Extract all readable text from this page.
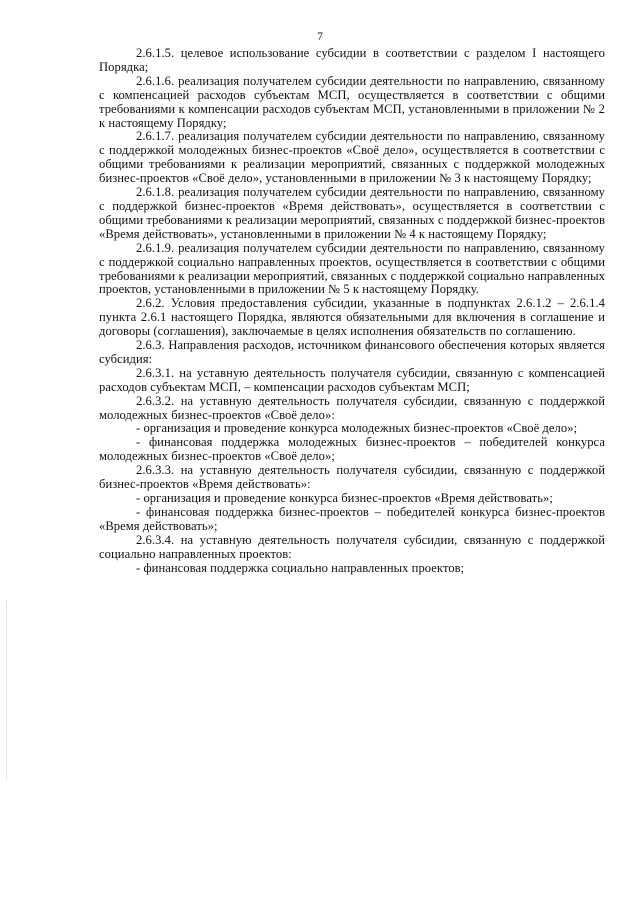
7

2.6.1.5. целевое использование субсидии в соответствии с разделом I настоящего Порядка;

2.6.1.6. реализация получателем субсидии деятельности по направлению, связанному с компенсацией расходов субъектам МСП, осуществляется в соответствии с общими требованиями к компенсации расходов субъектам МСП, установленными в приложении № 2 к настоящему Порядку;

2.6.1.7. реализация получателем субсидии деятельности по направлению, связанному с поддержкой молодежных бизнес-проектов «Своё дело», осуществляется в соответствии с общими требованиями к реализации мероприятий, связанных с поддержкой молодежных бизнес-проектов «Своё дело», установленными в приложении № 3 к настоящему Порядку;

2.6.1.8. реализация получателем субсидии деятельности по направлению, связанному с поддержкой бизнес-проектов «Время действовать», осуществляется в соответствии с общими требованиями к реализации мероприятий, связанных с поддержкой бизнес-проектов «Время действовать», установленными в приложении № 4 к настоящему Порядку;

2.6.1.9. реализация получателем субсидии деятельности по направлению, связанному с поддержкой социально направленных проектов, осуществляется в соответствии с общими требованиями к реализации мероприятий, связанных с поддержкой социально направленных проектов, установленными в приложении № 5 к настоящему Порядку.

2.6.2. Условия предоставления субсидии, указанные в подпунктах 2.6.1.2 – 2.6.1.4 пункта 2.6.1 настоящего Порядка, являются обязательными для включения в соглашение и договоры (соглашения), заключаемые в целях исполнения обязательств по соглашению.

2.6.3. Направления расходов, источником финансового обеспечения которых является субсидия:

2.6.3.1. на уставную деятельность получателя субсидии, связанную с компенсацией расходов субъектам МСП, – компенсации расходов субъектам МСП;

2.6.3.2. на уставную деятельность получателя субсидии, связанную с поддержкой молодежных бизнес-проектов «Своё дело»:

- организация и проведение конкурса молодежных бизнес-проектов «Своё дело»;

- финансовая поддержка молодежных бизнес-проектов – победителей конкурса молодежных бизнес-проектов «Своё дело»;

2.6.3.3. на уставную деятельность получателя субсидии, связанную с поддержкой бизнес-проектов «Время действовать»:

- организация и проведение конкурса бизнес-проектов «Время действовать»;

- финансовая поддержка бизнес-проектов – победителей конкурса бизнес-проектов «Время действовать»;

2.6.3.4. на уставную деятельность получателя субсидии, связанную с поддержкой социально направленных проектов:

- финансовая поддержка социально направленных проектов;
